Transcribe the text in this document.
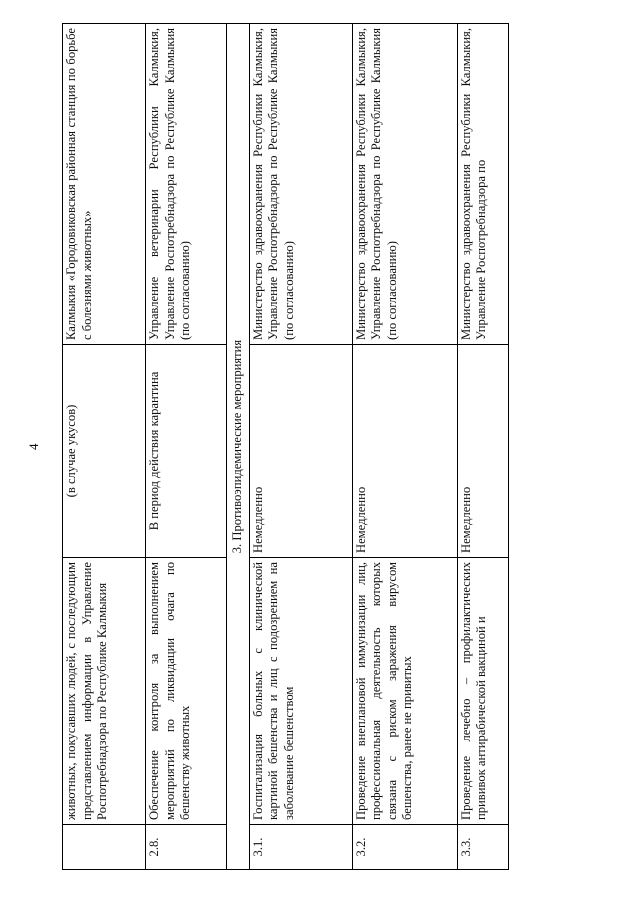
4
	животных, покусавших людей, с последующим представлением информации в Управление Роспотребнадзора по Республике Калмыкия	(в случае укусов)	Калмыкия «Городовиковская районная станция по борьбе с болезнями животных»
2.8.	Обеспечение контроля за выполнением мероприятий по ликвидации очага по бешенству животных	В период действия карантина	Управление ветеринарии Республики Калмыкия, Управление Роспотребнадзора по Республике Калмыкия (по согласованию)
3. Противоэпидемические мероприятия			
3.1.	Госпитализация больных с клинической картиной бешенства и лиц с подозрением на заболевание бешенством	Немедленно	Министерство здравоохранения Республики Калмыкия, Управление Роспотребнадзора по Республике Калмыкия (по согласованию)
3.2.	Проведение внеплановой иммунизации лиц, профессиональная деятельность которых связана с риском заражения вирусом бешенства, ранее не привитых	Немедленно	Министерство здравоохранения Республики Калмыкия, Управление Роспотребнадзора по Республике Калмыкия (по согласованию)
3.3.	Проведение лечебно – профилактических прививок антирабической вакциной и	Немедленно	Министерство здравоохранения Республики Калмыкия, Управление Роспотребнадзора по
